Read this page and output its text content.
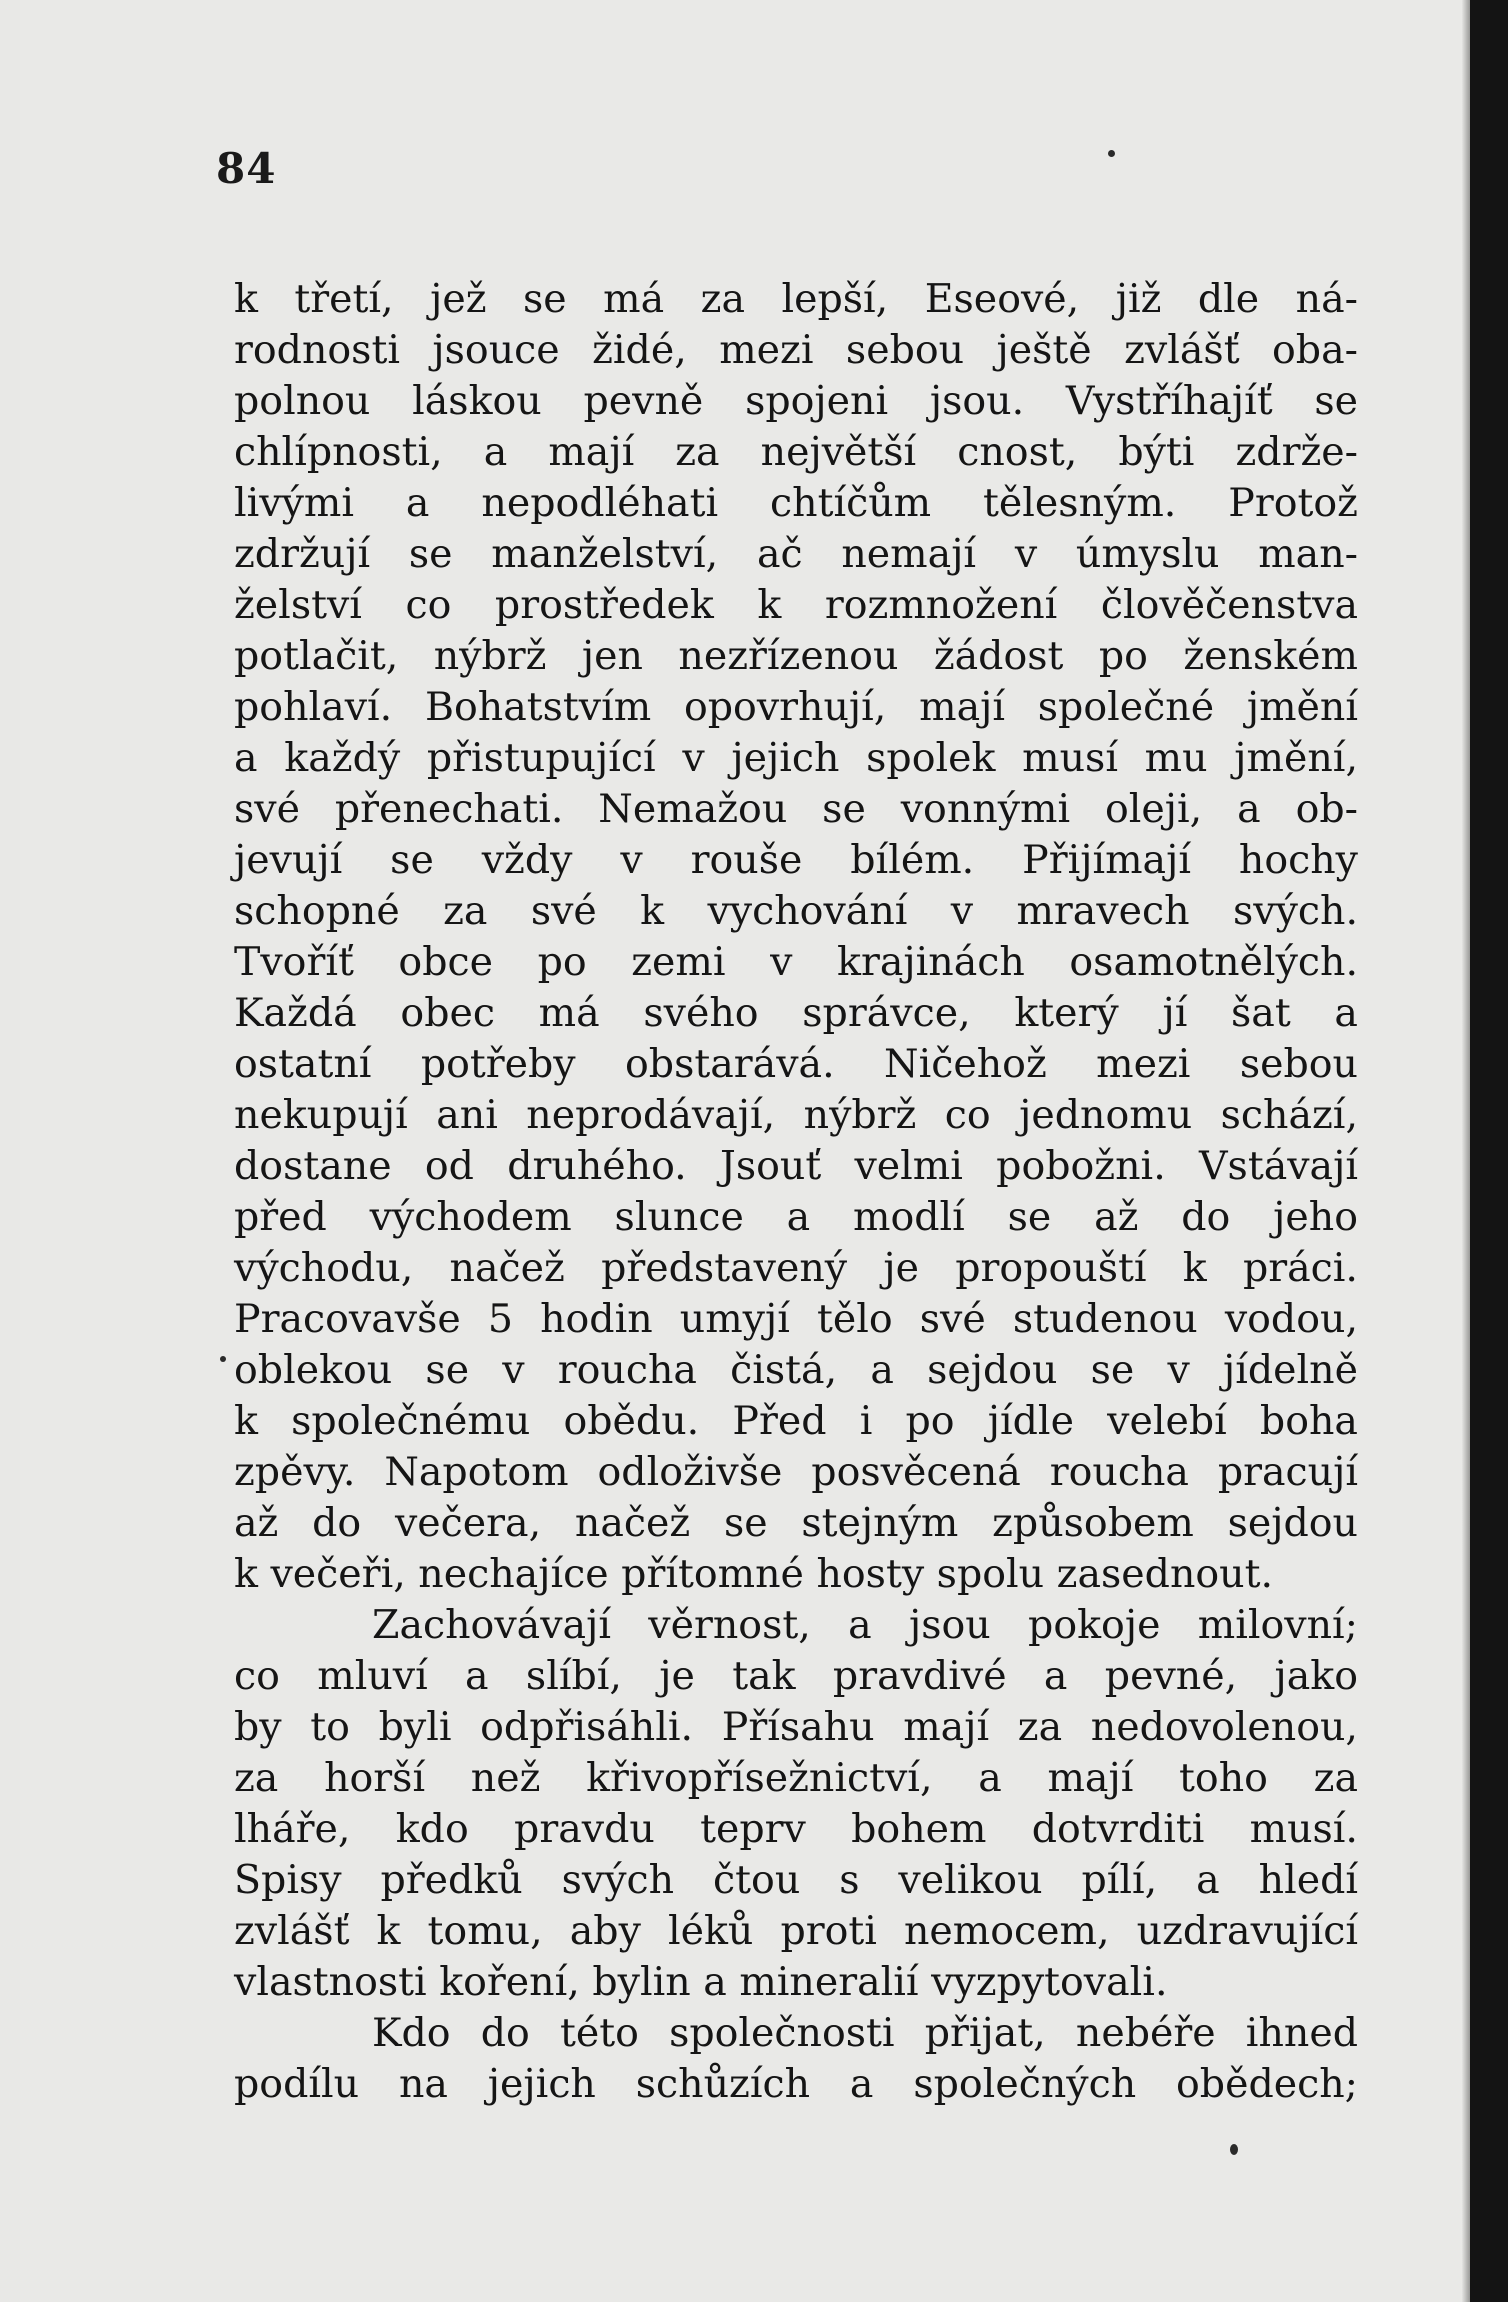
84
k třetí, jež se má za lepší, Eseové, již dle ná-
rodnosti jsouce židé, mezi sebou ještě zvlášť oba-
polnou láskou pevně spojeni jsou. Vystříhajíť se
chlípnosti, a mají za největší cnost, býti zdrže-
livými a nepodléhati chtíčům tělesným. Protož
zdržují se manželství, ač nemají v úmyslu man-
želství co prostředek k rozmnožení člověčenstva
potlačit, nýbrž jen nezřízenou žádost po ženském
pohlaví. Bohatstvím opovrhují, mají společné jmění
a každý přistupující v jejich spolek musí mu jmění,
své přenechati. Nemažou se vonnými oleji, a ob-
jevují se vždy v rouše bílém. Přijímají hochy
schopné za své k vychování v mravech svých.
Tvoříť obce po zemi v krajinách osamotnělých.
Každá obec má svého správce, který jí šat a
ostatní potřeby obstarává. Ničehož mezi sebou
nekupují ani neprodávají, nýbrž co jednomu schází,
dostane od druhého. Jsouť velmi pobožni. Vstávají
před východem slunce a modlí se až do jeho
východu, načež představený je propouští k práci.
Pracovavše 5 hodin umyjí tělo své studenou vodou,
oblekou se v roucha čistá, a sejdou se v jídelně
k společnému obědu. Před i po jídle velebí boha
zpěvy. Napotom odloživše posvěcená roucha pracují
až do večera, načež se stejným způsobem sejdou
k večeři, nechajíce přítomné hosty spolu zasednout.
Zachovávají věrnost, a jsou pokoje milovní;
co mluví a slíbí, je tak pravdivé a pevné, jako
by to byli odpřisáhli. Přísahu mají za nedovolenou,
za horší než křivopřísežnictví, a mají toho za
lháře, kdo pravdu teprv bohem dotvrditi musí.
Spisy předků svých čtou s velikou pílí, a hledí
zvlášť k tomu, aby léků proti nemocem, uzdravující
vlastnosti koření, bylin a mineralií vyzpytovali.
Kdo do této společnosti přijat, nebéře ihned
podílu na jejich schůzích a společných obědech;
